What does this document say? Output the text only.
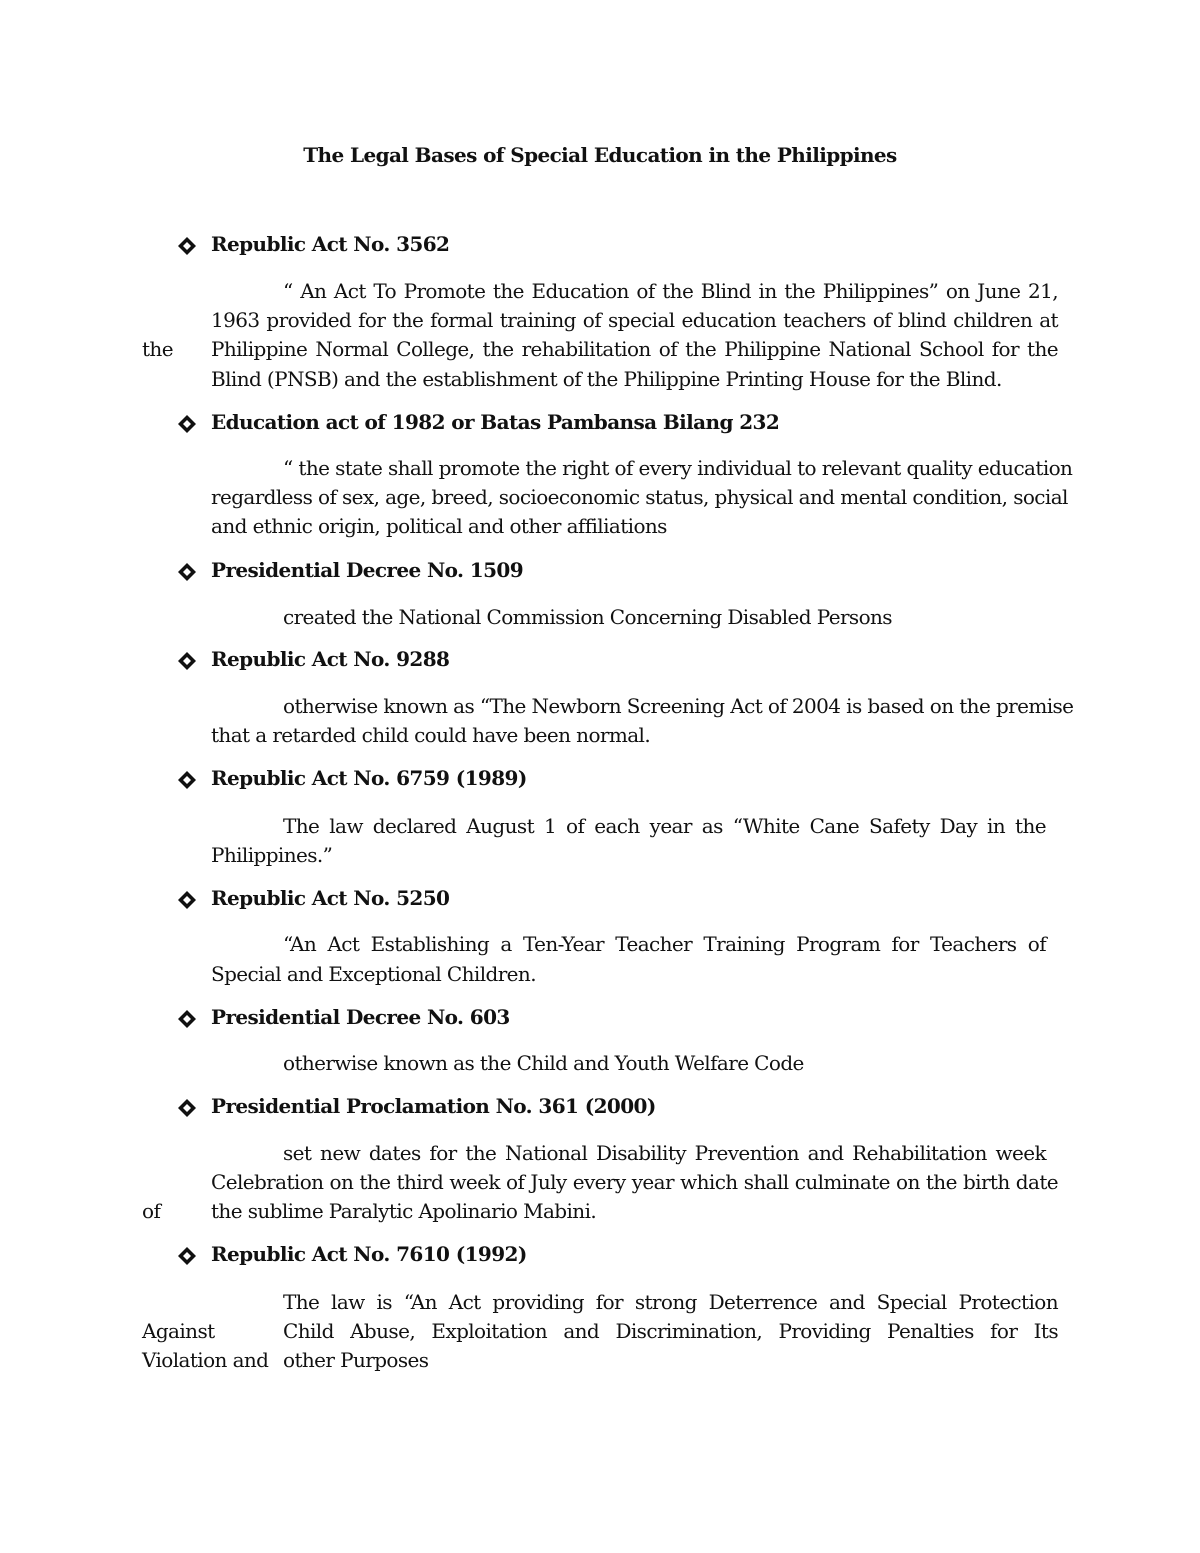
The Legal Bases of Special Education in the Philippines
Republic Act No. 3562
“ An Act To Promote the Education of the Blind in the Philippines” on June 21,
1963 provided for the formal training of special education teachers of blind children at
the Philippine Normal College, the rehabilitation of the Philippine National School for the
Blind (PNSB) and the establishment of the Philippine Printing House for the Blind.
Education act of 1982 or Batas Pambansa Bilang 232
“ the state shall promote the right of every individual to relevant quality education
regardless of sex, age, breed, socioeconomic status, physical and mental condition, social
and ethnic origin, political and other affiliations
Presidential Decree No. 1509
created the National Commission Concerning Disabled Persons
Republic Act No. 9288
otherwise known as “The Newborn Screening Act of 2004 is based on the premise
that a retarded child could have been normal.
Republic Act No. 6759 (1989)
The law declared August 1 of each year as “White Cane Safety Day in the
Philippines.”
Republic Act No. 5250
“An Act Establishing a Ten-Year Teacher Training Program for Teachers of
Special and Exceptional Children.
Presidential Decree No. 603
otherwise known as the Child and Youth Welfare Code
Presidential Proclamation No. 361 (2000)
set new dates for the National Disability Prevention and Rehabilitation week
Celebration on the third week of July every year which shall culminate on the birth date
of	the sublime Paralytic Apolinario Mabini.
Republic Act No. 7610 (1992)
The law is “An Act providing for strong Deterrence and Special Protection
Against	Child Abuse, Exploitation and Discrimination, Providing Penalties for Its
Violation and other Purposes
